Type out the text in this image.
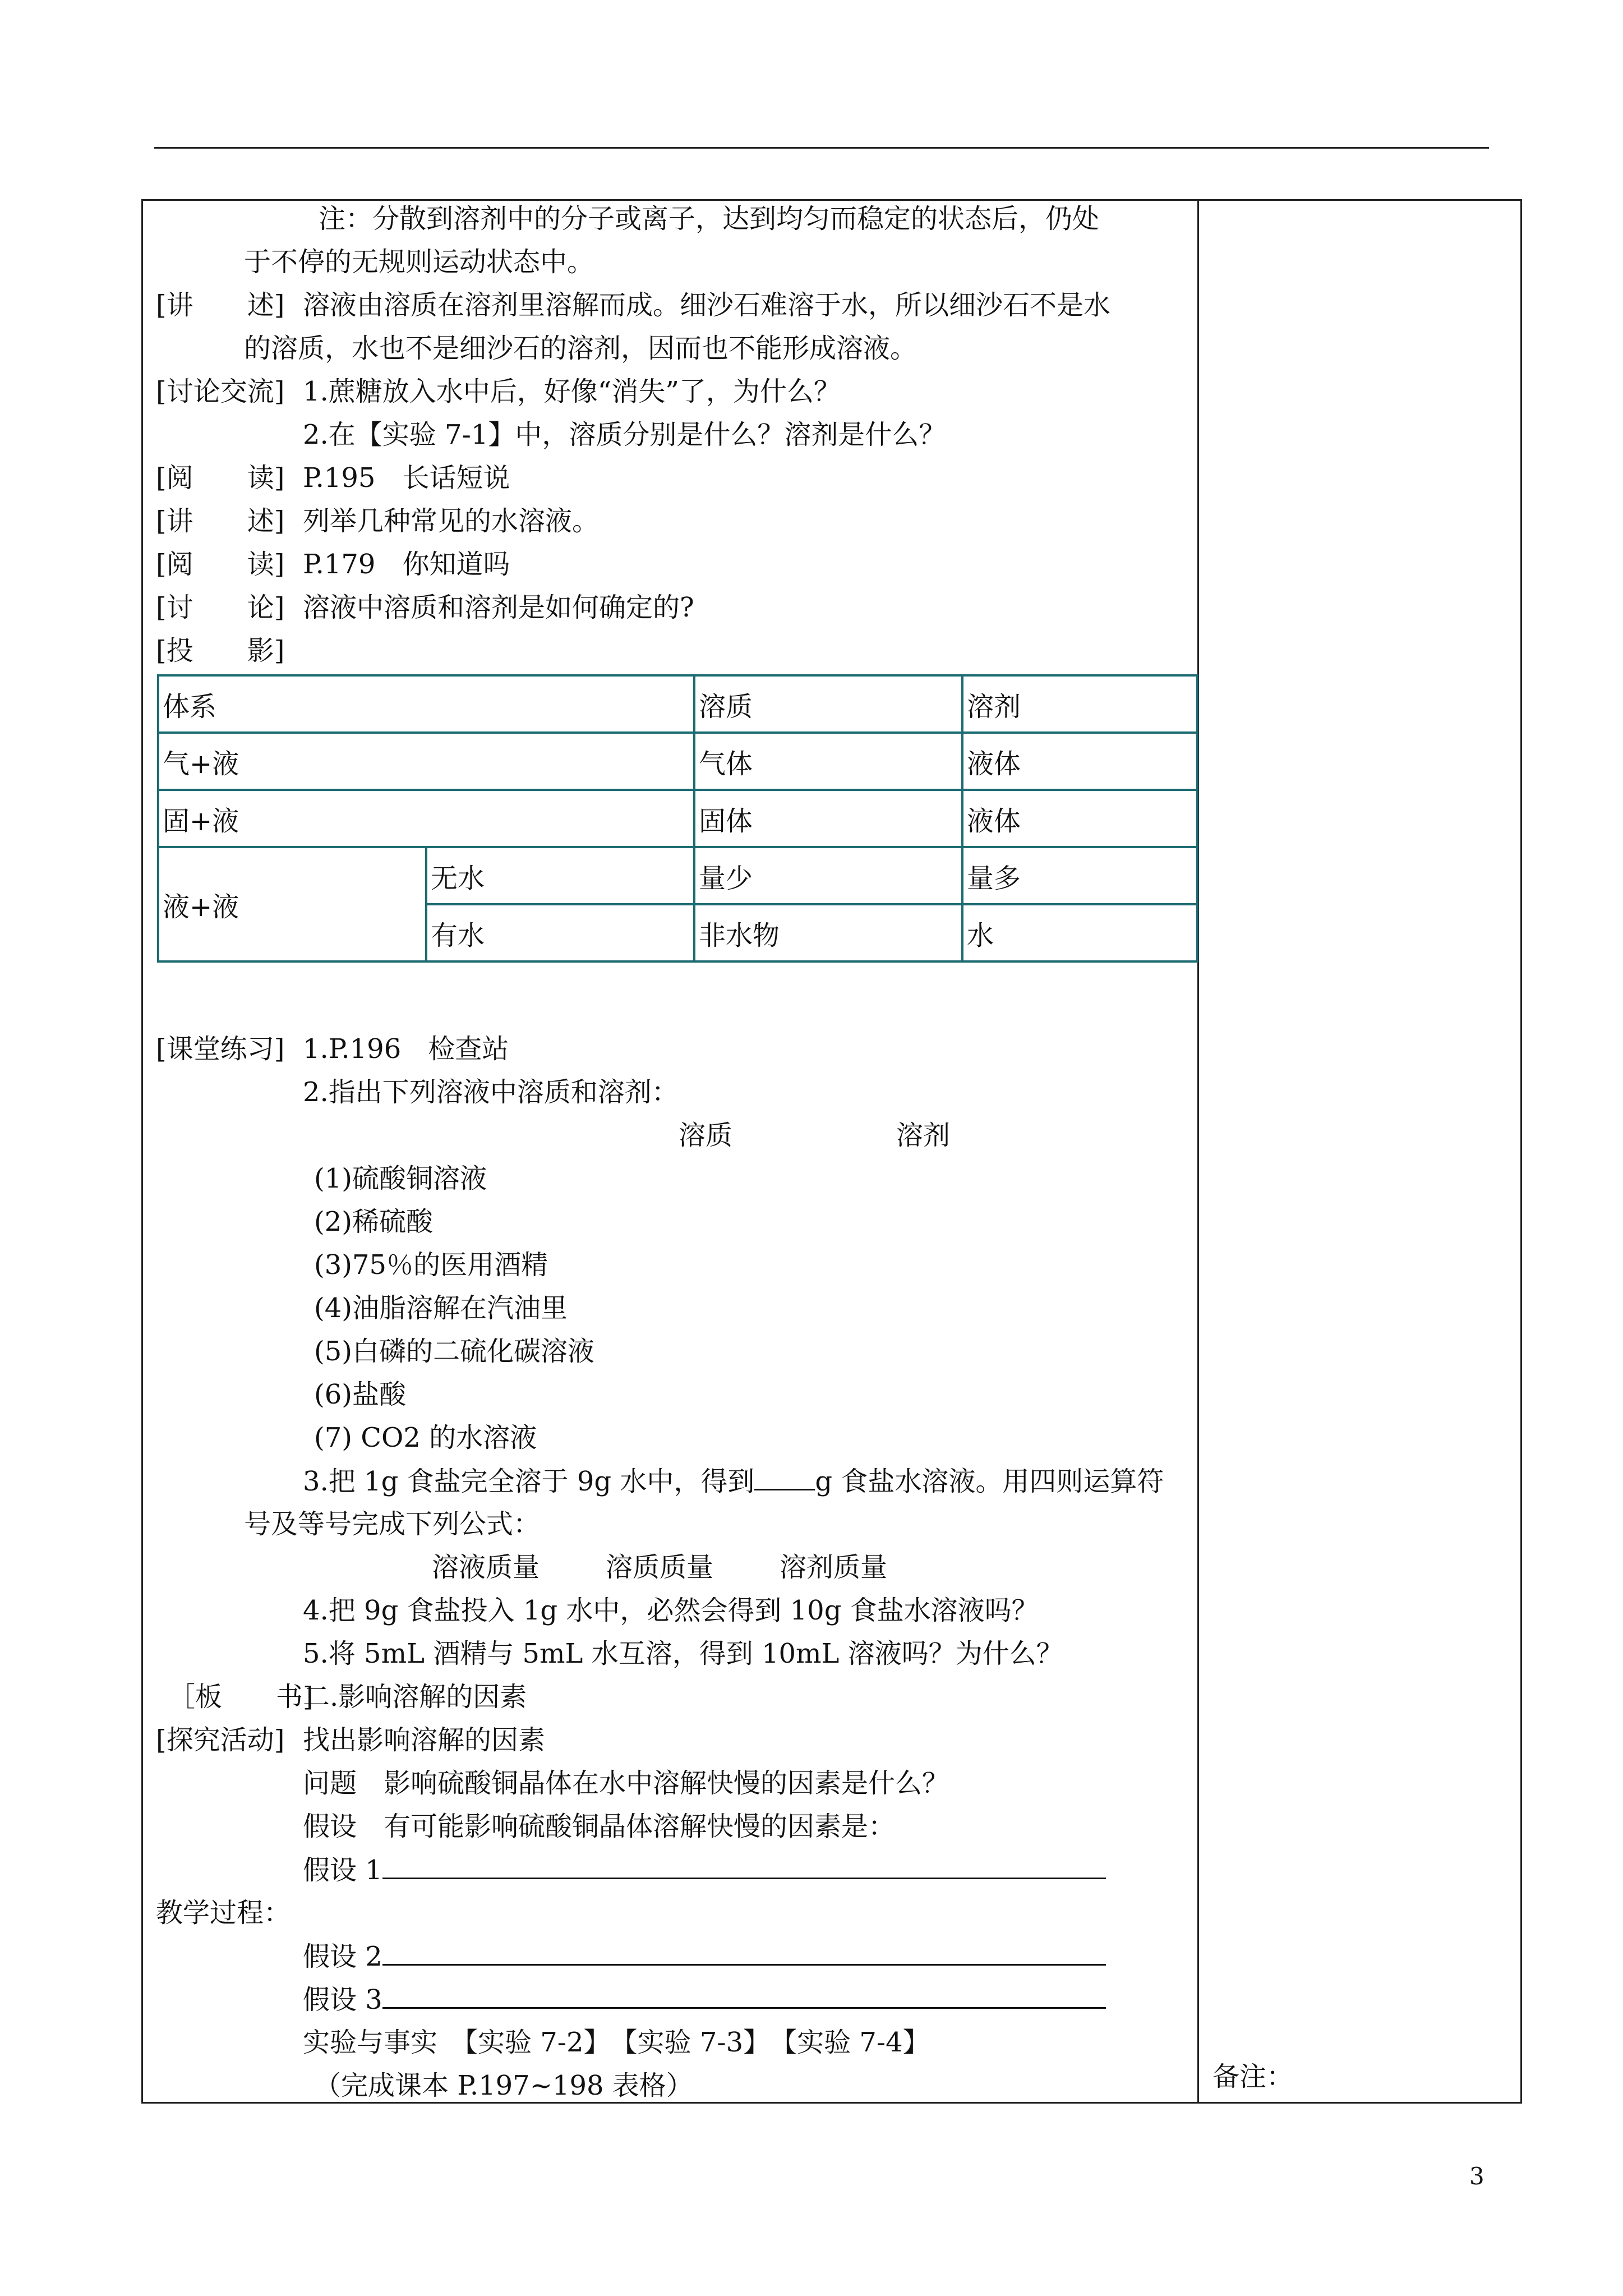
注：分散到溶剂中的分子或离子，达到均匀而稳定的状态后，仍处
于不停的无规则运动状态中。
[讲　　述] 溶液由溶质在溶剂里溶解而成。细沙石难溶于水，所以细沙石不是水
的溶质，水也不是细沙石的溶剂，因而也不能形成溶液。
[讨论交流] 1.蔗糖放入水中后，好像“消失”了，为什么？
2.在【实验 7-1】中，溶质分别是什么？溶剂是什么？
[阅　　读] P.195　长话短说
[讲　　述] 列举几种常见的水溶液。
[阅　　读] P.179　你知道吗
[讨　　论] 溶液中溶质和溶剂是如何确定的?
[投　　影]
体系		溶质	溶剂
气+液		气体	液体
固+液		固体	液体
液+液	无水	量少	量多
	有水	非水物	水
[课堂练习] 1.P.196　检查站
2.指出下列溶液中溶质和溶剂：
溶质	溶剂
(1)硫酸铜溶液
(2)稀硫酸
(3)75％的医用酒精
(4)油脂溶解在汽油里
(5)白磷的二硫化碳溶液
(6)盐酸
(7) CO2 的水溶液
3.把 1g 食盐完全溶于 9g 水中，得到 g 食盐水溶液。用四则运算符
号及等号完成下列公式：
溶液质量 溶质质量 溶剂质量
4.把 9g 食盐投入 1g 水中，必然会得到 10g 食盐水溶液吗？
5.将 5mL 酒精与 5mL 水互溶，得到 10mL 溶液吗？为什么？
［板　　书]
二.影响溶解的因素
[探究活动] 找出影响溶解的因素
问题　影响硫酸铜晶体在水中溶解快慢的因素是什么？
假设　有可能影响硫酸铜晶体溶解快慢的因素是：
假设 1
教学过程：
假设 2
假设 3
实验与事实　【实验 7-2】　【实验 7-3】　【实验 7-4】
（完成课本 P.197~198 表格）	备注：
3
